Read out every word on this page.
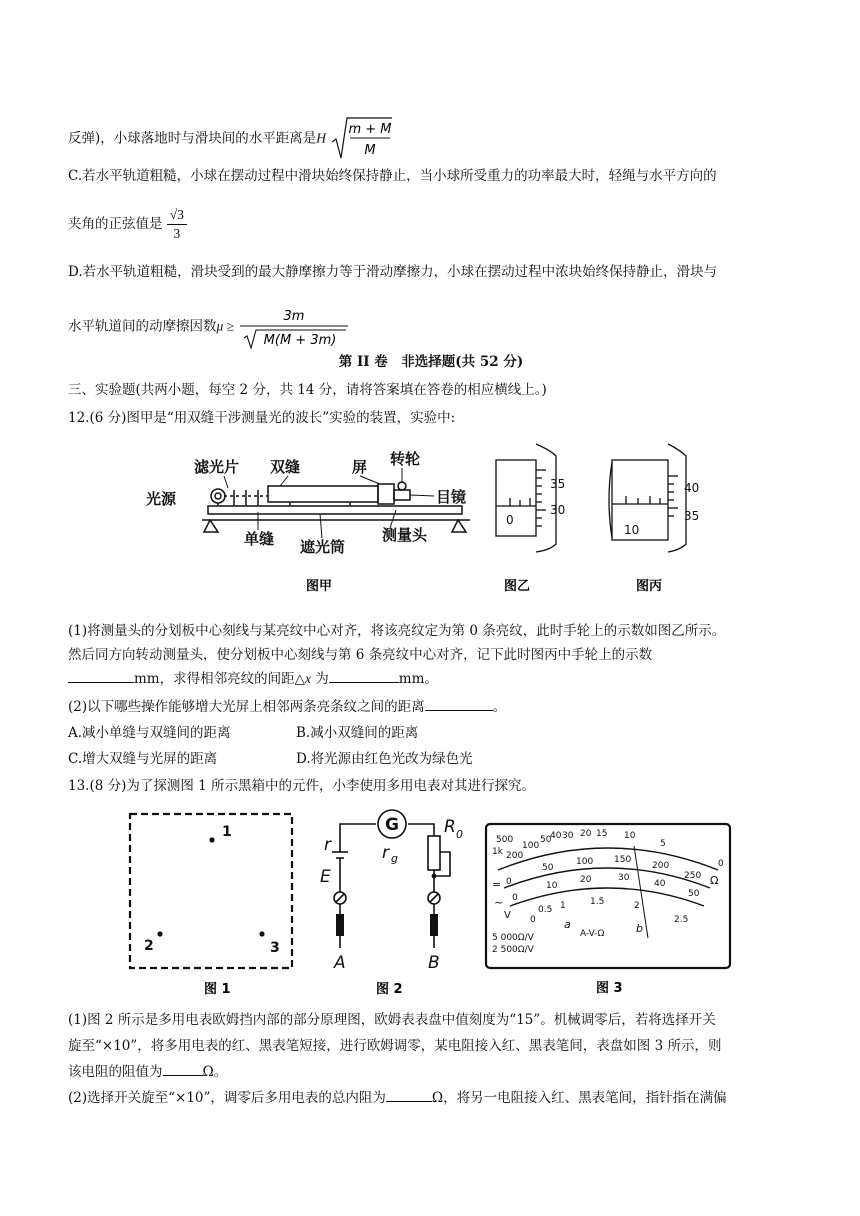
反弹)，小球落地时与滑块间的水平距离是H
m + M
M
C.若水平轨道粗糙，小球在摆动过程中滑块始终保持静止，当小球所受重力的功率最大时，轻绳与水平方向的
夹角的正弦值是 $\frac{√3}{3}$
D.若水平轨道粗糙，滑块受到的最大静摩擦力等于滑动摩擦力，小球在摆动过程中浓块始终保持静止，滑块与
水平轨道间的动摩擦因数μ ≥
3m
M(M + 3m)
第 II 卷　非选择题(共 52 分)
三、实验题(共两小题，每空 2 分，共 14 分，请将答案填在答卷的相应横线上。)
12.(6 分)图甲是“用双缝干涉测量光的波长”实验的装置，实验中:
滤光片 双缝	屏 转轮
光源	目镜
单缝 遮光筒
测量头
图甲
35
30
0
图乙
40
35
10
图丙
(1)将测量头的分划板中心刻线与某亮纹中心对齐，将该亮纹定为第 0 条亮纹，此时手轮上的示数如图乙所示。
然后同方向转动测量头，使分划板中心刻线与第 6 条亮纹中心对齐，记下此时图丙中手轮上的示数
mm，求得相邻亮纹的间距△x 为	mm。
(2)以下哪些操作能够增大光屏上相邻两条亮条纹之间的距离	。
A.减小单缝与双缝间的距离	B.减小双缝间的距离
C.增大双缝与光屏的距离	D.将光源由红色光改为绿色光
13.(8 分)为了探测图 1 所示黑箱中的元件，小李使用多用电表对其进行探究。
1
2	3
图 1
G
r	r g
R 0
E
A	B
图 2
500
200
100
50
40 30 20 15 10
5
0
1k
Ω
0
50
100 150
200
250
=
0
10
20	30
40
50
~
0
0.5 1	1.5	2
2.5
V
a	b
A-V-Ω
5 000Ω/V
2 500Ω/V
图 3
(1)图 2 所示是多用电表欧姆挡内部的部分原理图，欧姆表表盘中值刻度为“15”。机械调零后，若将选择开关
旋至“×10”，将多用电表的红、黑表笔短接，进行欧姆调零，某电阻接入红、黑表笔间，表盘如图 3 所示，则
该电阻的阻值为	Ω。
(2)选择开关旋至“×10”，调零后多用电表的总内阻为	Ω，将另一电阻接入红、黑表笔间，指针指在满偏
